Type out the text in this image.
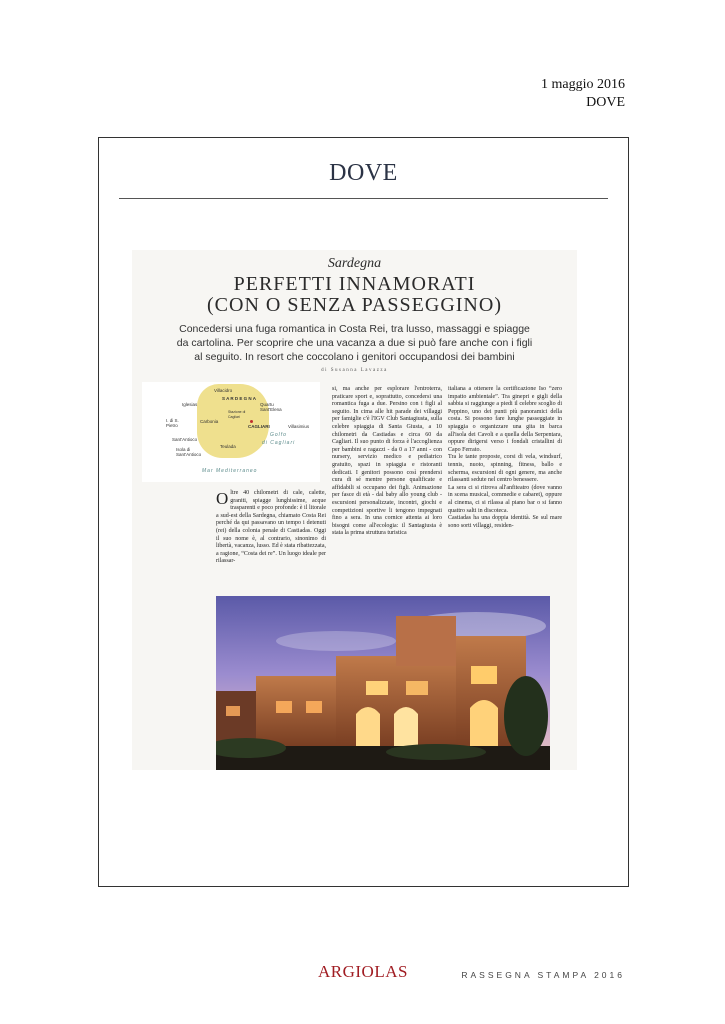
1 maggio 2016
DOVE
DOVE
Sardegna
PERFETTI INNAMORATI
(CON O SENZA PASSEGGINO)
Concedersi una fuga romantica in Costa Rei, tra lusso, massaggi e spiagge da cartolina. Per scoprire che una vacanza a due si può fare anche con i figli al seguito. In resort che coccolano i genitori occupandosi dei bambini
di Susanna Lavazza
Villacidro
S A R D E G N A
Iglesias	Quartu Sant'Elena
Stazione di Cagliari
Carbonia
CAGLIARI	Villasimius
I. di S. Pietro
Golfo
di Cagliari
Sant'Antioco
Isola di Sant'Antioco
Teulada
Mar Mediterraneo
Oltre 40 chilometri di cale, calette, graniti, spiagge lunghissime, acque trasparenti e poco profonde: è il litorale a sud-est della Sardegna, chiamato Costa Rei perché da qui passavano un tempo i detenuti (rei) della colonia penale di Castiadas. Oggi il suo nome è, al contrario, sinonimo di libertà, vacanza, lusso. Ed è stata ribattezzata, a ragione, “Costa dei re”. Un luogo ideale per rilassar-
si, ma anche per esplorare l'entroterra, praticare sport e, soprattutto, concedersi una romantica fuga a due. Persino con i figli al seguito. In cima alle hit parade dei villaggi per famiglie c'è l'IGV Club Santagiusta, sulla celebre spiaggia di Santa Giusta, a 10 chilometri da Castiadas e circa 60 da Cagliari. Il suo punto di forza è l'accoglienza per bambini e ragazzi - da 0 a 17 anni - con nursery, servizio medico e pediatrico gratuito, spazi in spiaggia e ristoranti dedicati. I genitori possono così prendersi cura di sé mentre persone qualificate e affidabili si occupano dei figli. Animazione per fasce di età - dal baby allo young club - escursioni personalizzate, incontri, giochi e competizioni sportive li tengono impegnati fino a sera. In una cornice attenta ai loro bisogni come all'ecologia: il Santagiusta è stata la prima struttura turistica
italiana a ottenere la certificazione Iso “zero impatto ambientale”. Tra ginepri e gigli della sabbia si raggiunge a piedi il celebre scoglio di Peppino, uno dei punti più panoramici della costa. Si possono fare lunghe passeggiate in spiaggia o organizzare una gita in barca all'isola dei Cavoli e a quella della Serpentara, oppure dirigersi verso i fondali cristallini di Capo Ferrato.
Tra le tante proposte, corsi di vela, windsurf, tennis, nuoto, spinning, fitness, ballo e scherma, escursioni di ogni genere, ma anche rilassanti sedute nel centro benessere.
La sera ci si ritrova all'anfiteatro (dove vanno in scena musical, commedie e cabaret), oppure al cinema, ci si rilassa al piano bar o si fanno quattro salti in discoteca.
Castiadas ha una doppia identità. Se sul mare sono sorti villaggi, residen-
ARGIOLAS	RASSEGNA STAMPA 2016
